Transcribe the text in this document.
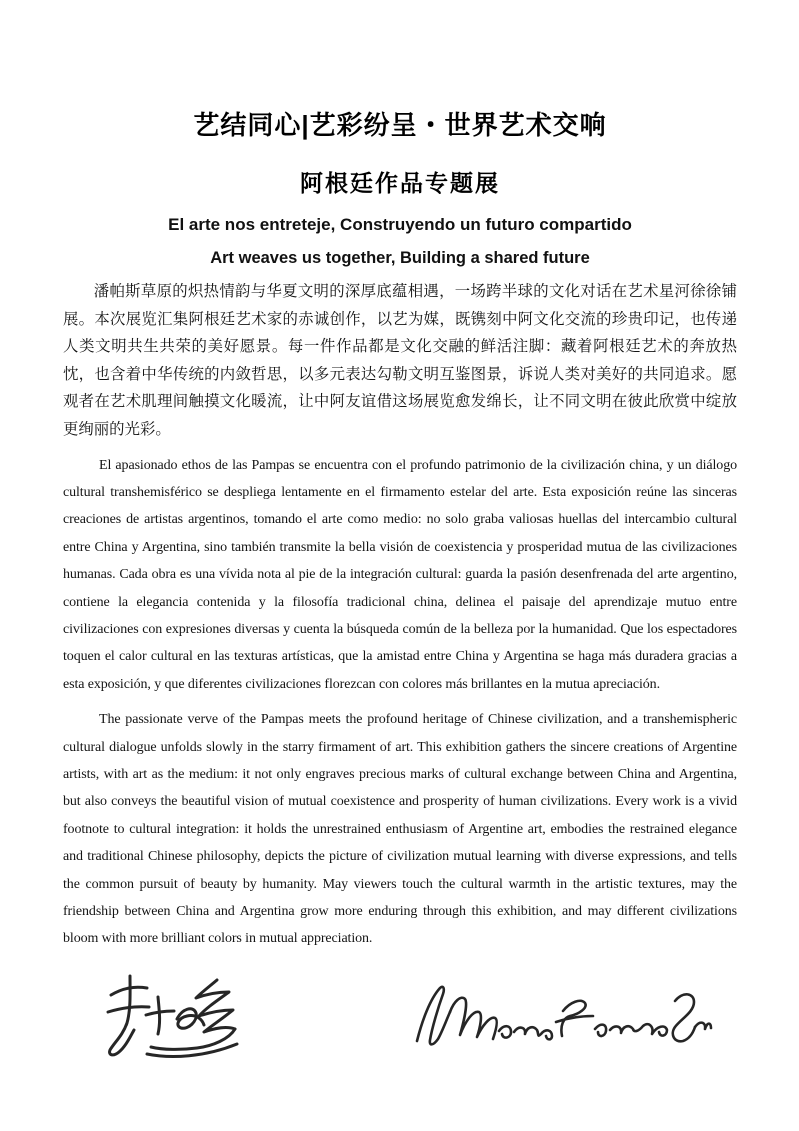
艺结同心|艺彩纷呈・世界艺术交响
阿根廷作品专题展
El arte nos entreteje, Construyendo un futuro compartido
Art weaves us together, Building a shared future

潘帕斯草原的炽热情韵与华夏文明的深厚底蕴相遇，一场跨半球的文化对话在艺术星河徐徐铺展。本次展览汇集阿根廷艺术家的赤诚创作，以艺为媒，既镌刻中阿文化交流的珍贵印记，也传递人类文明共生共荣的美好愿景。每一件作品都是文化交融的鲜活注脚：藏着阿根廷艺术的奔放热忱，也含着中华传统的内敛哲思，以多元表达勾勒文明互鉴图景，诉说人类对美好的共同追求。愿观者在艺术肌理间触摸文化暖流，让中阿友谊借这场展览愈发绵长，让不同文明在彼此欣赏中绽放更绚丽的光彩。

El apasionado ethos de las Pampas se encuentra con el profundo patrimonio de la civilización china, y un diálogo cultural transhemisférico se despliega lentamente en el firmamento estelar del arte. Esta exposición reúne las sinceras creaciones de artistas argentinos, tomando el arte como medio: no solo graba valiosas huellas del intercambio cultural entre China y Argentina, sino también transmite la bella visión de coexistencia y prosperidad mutua de las civilizaciones humanas. Cada obra es una vívida nota al pie de la integración cultural: guarda la pasión desenfrenada del arte argentino, contiene la elegancia contenida y la filosofía tradicional china, delinea el paisaje del aprendizaje mutuo entre civilizaciones con expresiones diversas y cuenta la búsqueda común de la belleza por la humanidad. Que los espectadores toquen el calor cultural en las texturas artísticas, que la amistad entre China y Argentina se haga más duradera gracias a esta exposición, y que diferentes civilizaciones florezcan con colores más brillantes en la mutua apreciación.

The passionate verve of the Pampas meets the profound heritage of Chinese civilization, and a transhemispheric cultural dialogue unfolds slowly in the starry firmament of art. This exhibition gathers the sincere creations of Argentine artists, with art as the medium: it not only engraves precious marks of cultural exchange between China and Argentina, but also conveys the beautiful vision of mutual coexistence and prosperity of human civilizations. Every work is a vivid footnote to cultural integration: it holds the unrestrained enthusiasm of Argentine art, embodies the restrained elegance and traditional Chinese philosophy, depicts the picture of civilization mutual learning with diverse expressions, and tells the common pursuit of beauty by humanity. May viewers touch the cultural warmth in the artistic textures, may the friendship between China and Argentina grow more enduring through this exhibition, and may different civilizations bloom with more brilliant colors in mutual appreciation.
